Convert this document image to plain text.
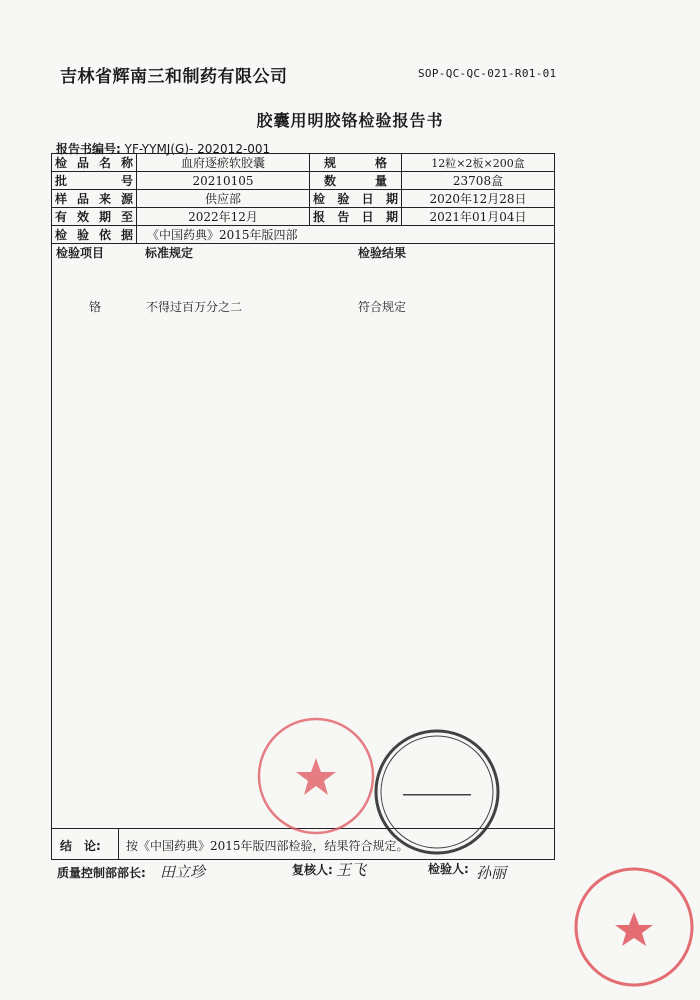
吉林省辉南三和制药有限公司	SOP-QC-QC-021-R01-01
胶囊用明胶铬检验报告书
报告书编号: YF-YYMJ(G)- 202012-001
检品名称	血府逐瘀软胶囊	规格	12粒×2板×200盒
批号	20210105	数量	23708盒
样品来源	供应部	检验日期	2020年12月28日
有效期至	2022年12月	报告日期	2021年01月04日
检验依据	《中国药典》2015年版四部		
检验项目	标准规定	检验结果
铬	不得过百万分之二	符合规定
结　论: 按《中国药典》2015年版四部检验，结果符合规定。
质量控制部部长: 田立珍	复核人: 王飞	检验人: 孙丽
